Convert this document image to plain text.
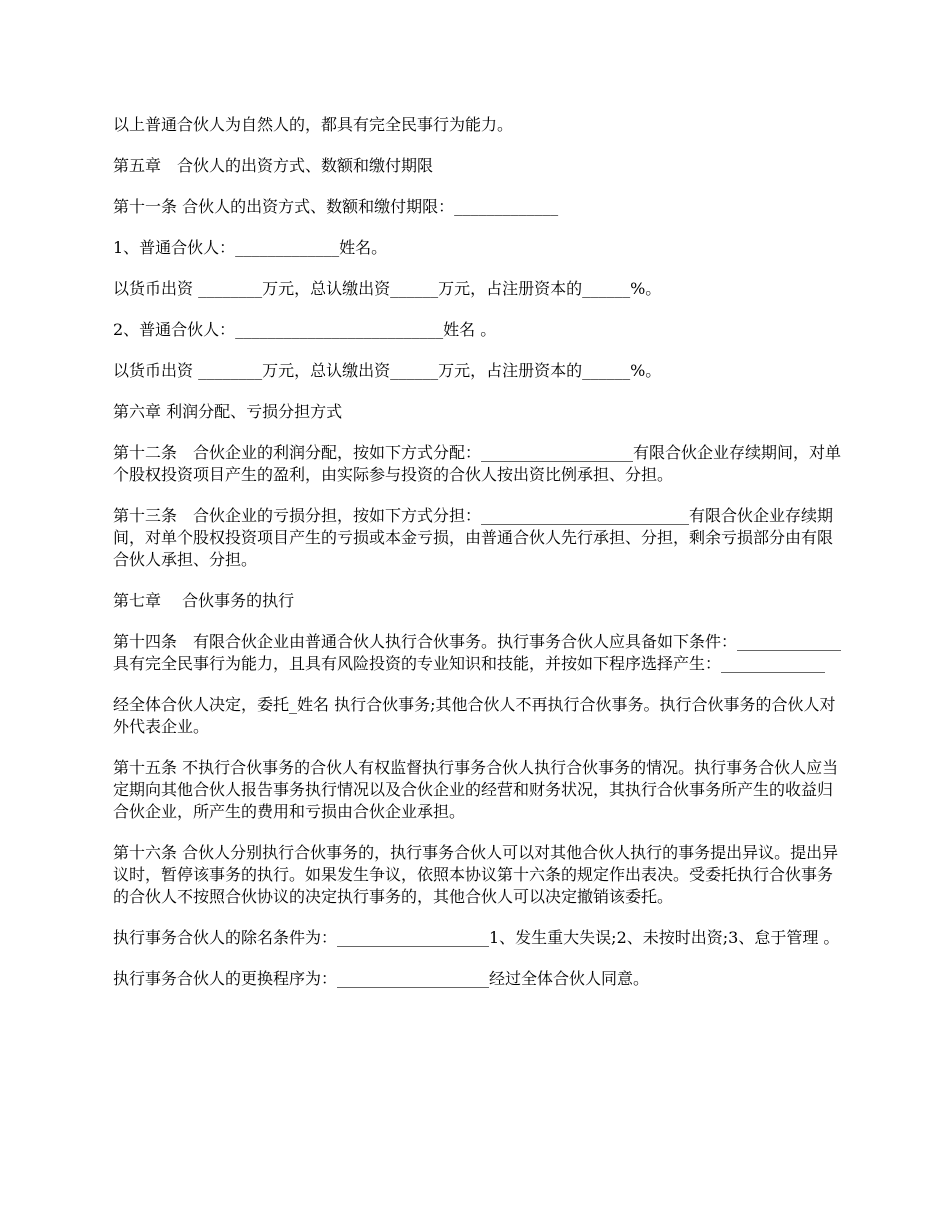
以上普通合伙人为自然人的，都具有完全民事行为能力。

第五章　合伙人的出资方式、数额和缴付期限

第十一条 合伙人的出资方式、数额和缴付期限：_____________

1、普通合伙人：_____________姓名。

以货币出资 ________万元，总认缴出资______万元，占注册资本的______%。

2、普通合伙人：__________________________姓名 。

以货币出资 ________万元，总认缴出资______万元，占注册资本的______%。

第六章 利润分配、亏损分担方式

第十二条　合伙企业的利润分配，按如下方式分配：___________________有限合伙企业存续期间，对单个股权投资项目产生的盈利，由实际参与投资的合伙人按出资比例承担、分担。

第十三条　合伙企业的亏损分担，按如下方式分担：__________________________有限合伙企业存续期间，对单个股权投资项目产生的亏损或本金亏损，由普通合伙人先行承担、分担，剩余亏损部分由有限合伙人承担、分担。

第七章　 合伙事务的执行

第十四条　有限合伙企业由普通合伙人执行合伙事务。执行事务合伙人应具备如下条件：_____________具有完全民事行为能力，且具有风险投资的专业知识和技能，并按如下程序选择产生：_____________

经全体合伙人决定，委托_姓名 执行合伙事务;其他合伙人不再执行合伙事务。执行合伙事务的合伙人对外代表企业。

第十五条 不执行合伙事务的合伙人有权监督执行事务合伙人执行合伙事务的情况。执行事务合伙人应当定期向其他合伙人报告事务执行情况以及合伙企业的经营和财务状况，其执行合伙事务所产生的收益归合伙企业，所产生的费用和亏损由合伙企业承担。

第十六条 合伙人分别执行合伙事务的，执行事务合伙人可以对其他合伙人执行的事务提出异议。提出异议时，暂停该事务的执行。如果发生争议，依照本协议第十六条的规定作出表决。受委托执行合伙事务的合伙人不按照合伙协议的决定执行事务的，其他合伙人可以决定撤销该委托。

执行事务合伙人的除名条件为：___________________1、发生重大失误;2、未按时出资;3、怠于管理 。

执行事务合伙人的更换程序为：___________________经过全体合伙人同意。
